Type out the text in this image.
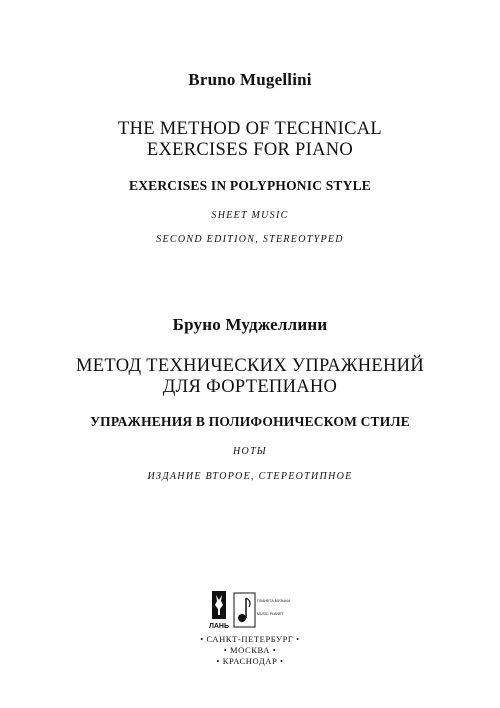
Bruno Mugellini
THE METHOD OF TECHNICAL
EXERCISES FOR PIANO
EXERCISES IN POLYPHONIC STYLE
SHEET MUSIC
SECOND EDITION, STEREOTYPED
Бруно Муджеллини
МЕТОД ТЕХНИЧЕСКИХ УПРАЖНЕНИЙ
ДЛЯ ФОРТЕПИАНО
УПРАЖНЕНИЯ В ПОЛИФОНИЧЕСКОМ СТИЛЕ
НОТЫ
ИЗДАНИЕ ВТОРОЕ, СТЕРЕОТИПНОЕ
ЛАНЬ
ПЛАНЕТА МУЗЫКИ
MUSIC PLANET
• САНКТ-ПЕТЕРБУРГ •
• МОСКВА •
• КРАСНОДАР •
